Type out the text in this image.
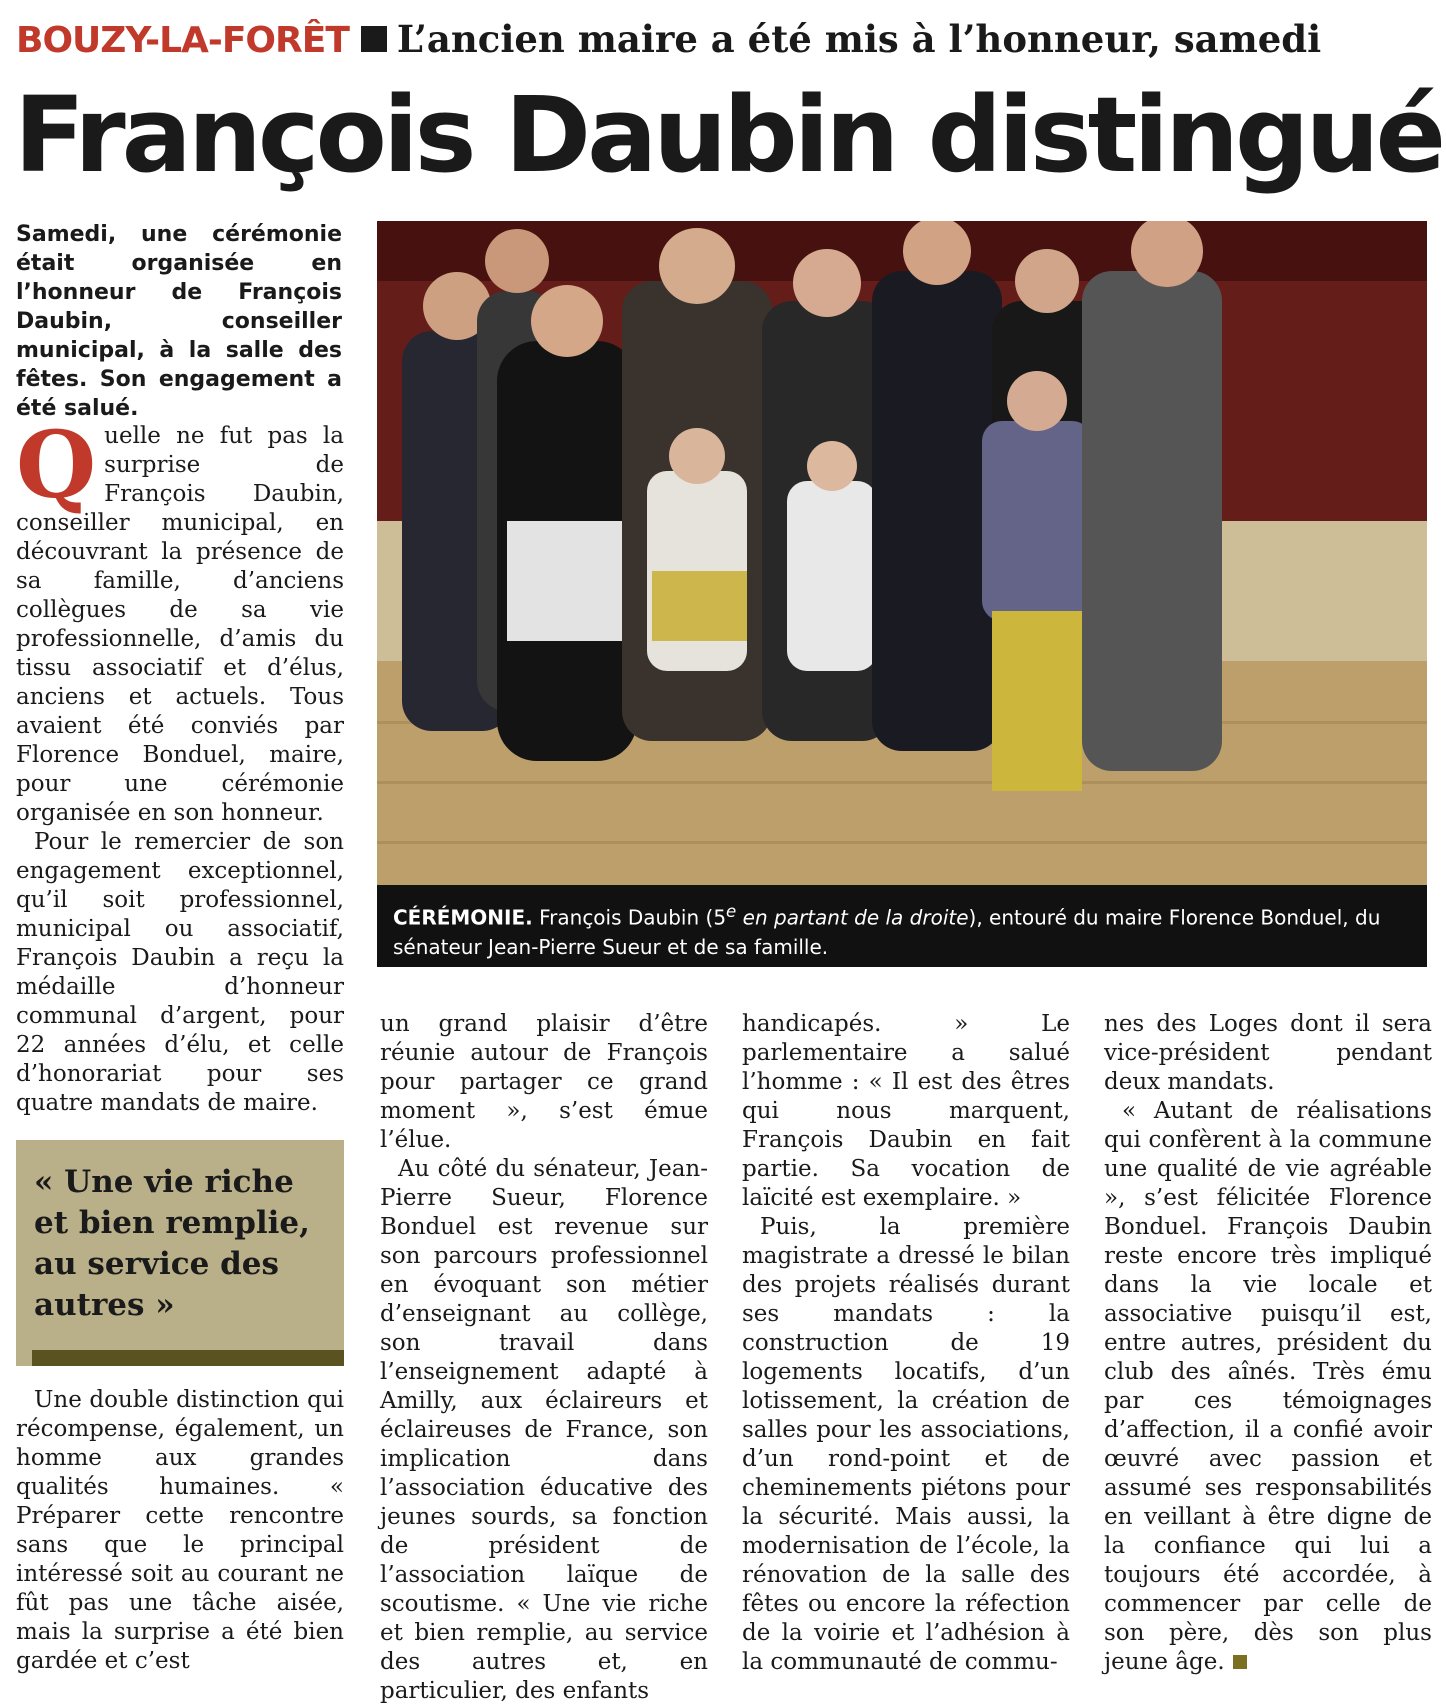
BOUZY-LA-FORÊT L’ancien maire a été mis à l’honneur, samedi
François Daubin distingué
Samedi, une cérémonie était organisée en l’honneur de François Daubin, conseiller municipal, à la salle des fêtes. Son engagement a été salué.
CÉRÉMONIE. François Daubin (5e en partant de la droite), entouré du maire Florence Bonduel, du sénateur Jean-Pierre Sueur et de sa famille.

Quelle ne fut pas la surprise de François Daubin, conseiller municipal, en découvrant la présence de sa famille, d’anciens collègues de sa vie professionnelle, d’amis du tissu associatif et d’élus, anciens et actuels. Tous avaient été conviés par Florence Bonduel, maire, pour une cérémonie organisée en son honneur.

Pour le remercier de son engagement exceptionnel, qu’il soit professionnel, municipal ou associatif, François Daubin a reçu la médaille d’honneur communal d’argent, pour 22 années d’élu, et celle d’honorariat pour ses quatre mandats de maire.

« Une vie riche et bien remplie, au service des autres »

Une double distinction qui récompense, également, un homme aux grandes qualités humaines. « Préparer cette rencontre sans que le principal intéressé soit au courant ne fût pas une tâche aisée, mais la surprise a été bien gardée et c’est

un grand plaisir d’être réunie autour de François pour partager ce grand moment », s’est émue l’élue.

Au côté du sénateur, Jean-Pierre Sueur, Florence Bonduel est revenue sur son parcours professionnel en évoquant son métier d’enseignant au collège, son travail dans l’enseignement adapté à Amilly, aux éclaireurs et éclaireuses de France, son implication dans l’association éducative des jeunes sourds, sa fonction de président de l’association laïque de scoutisme. « Une vie riche et bien remplie, au service des autres et, en particulier, des enfants

handicapés. » Le parlementaire a salué l’homme : « Il est des êtres qui nous marquent, François Daubin en fait partie. Sa vocation de laïcité est exemplaire. »

Puis, la première magistrate a dressé le bilan des projets réalisés durant ses mandats : la construction de 19 logements locatifs, d’un lotissement, la création de salles pour les associations, d’un rond-point et de cheminements piétons pour la sécurité. Mais aussi, la modernisation de l’école, la rénovation de la salle des fêtes ou encore la réfection de la voirie et l’adhésion à la communauté de commu-

nes des Loges dont il sera vice-président pendant deux mandats.

« Autant de réalisations qui confèrent à la commune une qualité de vie agréable », s’est félicitée Florence Bonduel. François Daubin reste encore très impliqué dans la vie locale et associative puisqu’il est, entre autres, président du club des aînés. Très ému par ces témoignages d’affection, il a confié avoir œuvré avec passion et assumé ses responsabilités en veillant à être digne de la confiance qui lui a toujours été accordée, à commencer par celle de son père, dès son plus jeune âge.
